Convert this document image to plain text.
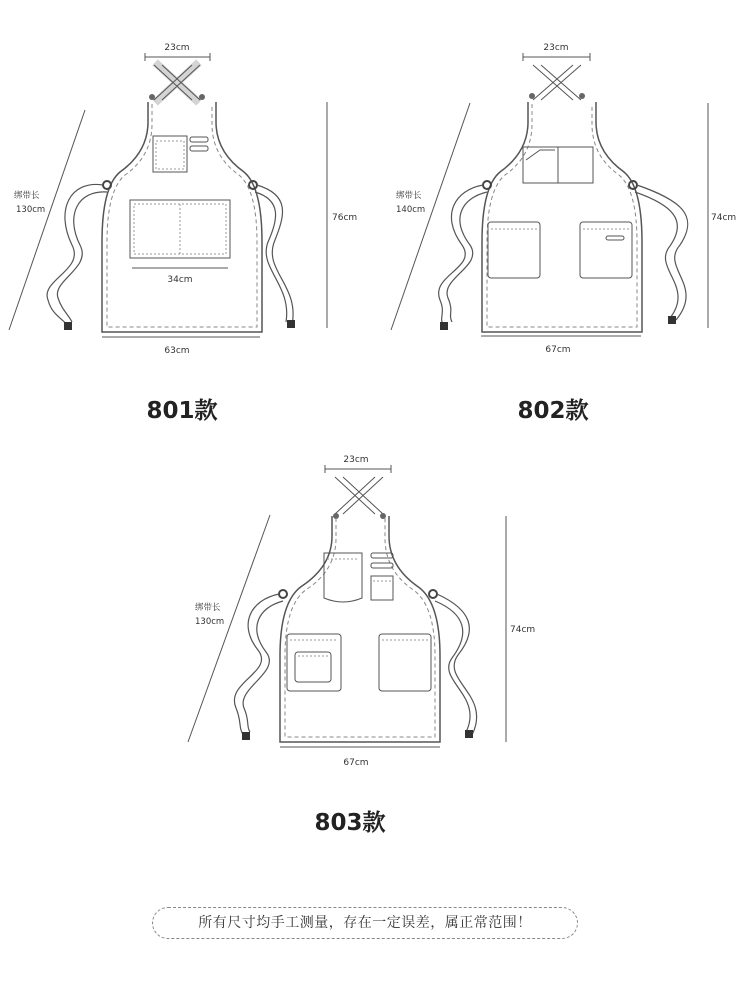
23cm
34cm
绑带长
130cm
76cm
63cm
801款
23cm
绑带长
140cm
74cm
67cm
802款
23cm
绑带长
130cm
74cm
67cm
803款
所有尺寸均手工测量，存在一定误差，属正常范围！
